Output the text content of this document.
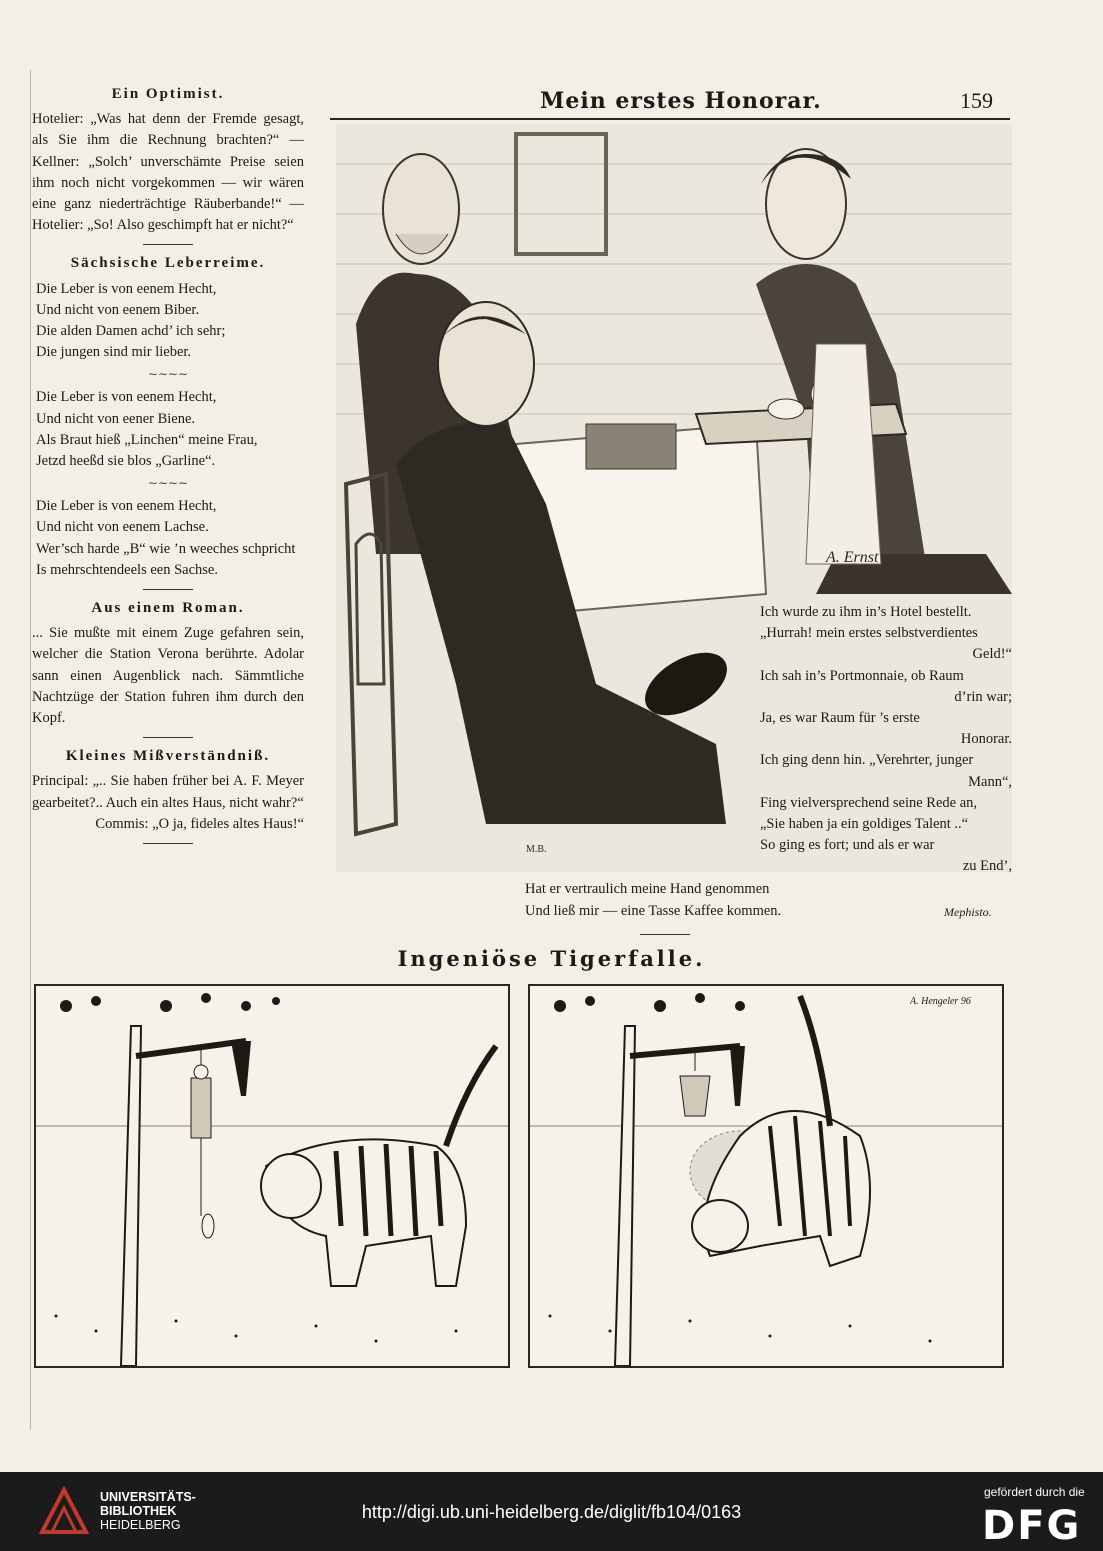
Mein erstes Honorar.	159
Ein Optimist.

Hotelier: „Was hat denn der Fremde gesagt, als Sie ihm die Rechnung brachten?“ — Kellner: „Solch’ unverschämte Preise seien ihm noch nicht vorgekommen — wir wären eine ganz niederträchtige Räuberbande!“ — Hotelier: „So! Also geschimpft hat er nicht?“

Sächsische Leberreime.
Die Leber is von eenem Hecht,
Und nicht von eenem Biber.
Die alden Damen achd’ ich sehr;
Die jungen sind mir lieber.
∼∼∼∼
Die Leber is von eenem Hecht,
Und nicht von eener Biene.
Als Braut hieß „Linchen“ meine Frau,
Jetzd heeßd sie blos „Garline“.
∼∼∼∼
Die Leber is von eenem Hecht,
Und nicht von eenem Lachse.
Wer’sch harde „B“ wie ’n weeches schpricht
Is mehrschtendeels een Sachse.
Aus einem Roman.

... Sie mußte mit einem Zuge gefahren sein, welcher die Station Verona berührte. Adolar sann einen Augenblick nach. Sämmtliche Nachtzüge der Station fuhren ihm durch den Kopf.

Kleines Mißverständniß.

Principal: „.. Sie haben früher bei A. F. Meyer gearbeitet?.. Auch ein altes Haus, nicht wahr?“

Commis: „O ja, fideles altes Haus!“

A. Ernst
M.B.

Ich wurde zu ihm in’s Hotel bestellt.

„Hurrah! mein erstes selbstverdientes

Geld!“

Ich sah in’s Portmonnaie, ob Raum

d’rin war;

Ja, es war Raum für ’s erste

Honorar.

Ich ging denn hin. „Verehrter, junger

Mann“,

Fing vielversprechend seine Rede an,

„Sie haben ja ein goldiges Talent ..“

So ging es fort; und als er war

zu End’,

Hat er vertraulich meine Hand genommen

Und ließ mir — eine Tasse Kaffee kommen.	Mephisto.
Ingeniöse Tigerfalle.
A. Hengeler 96
UNIVERSITÄTS-
BIBLIOTHEK
HEIDELBERG
http://digi.ub.uni-heidelberg.de/diglit/fb104/0163
gefördert durch die
DFG
